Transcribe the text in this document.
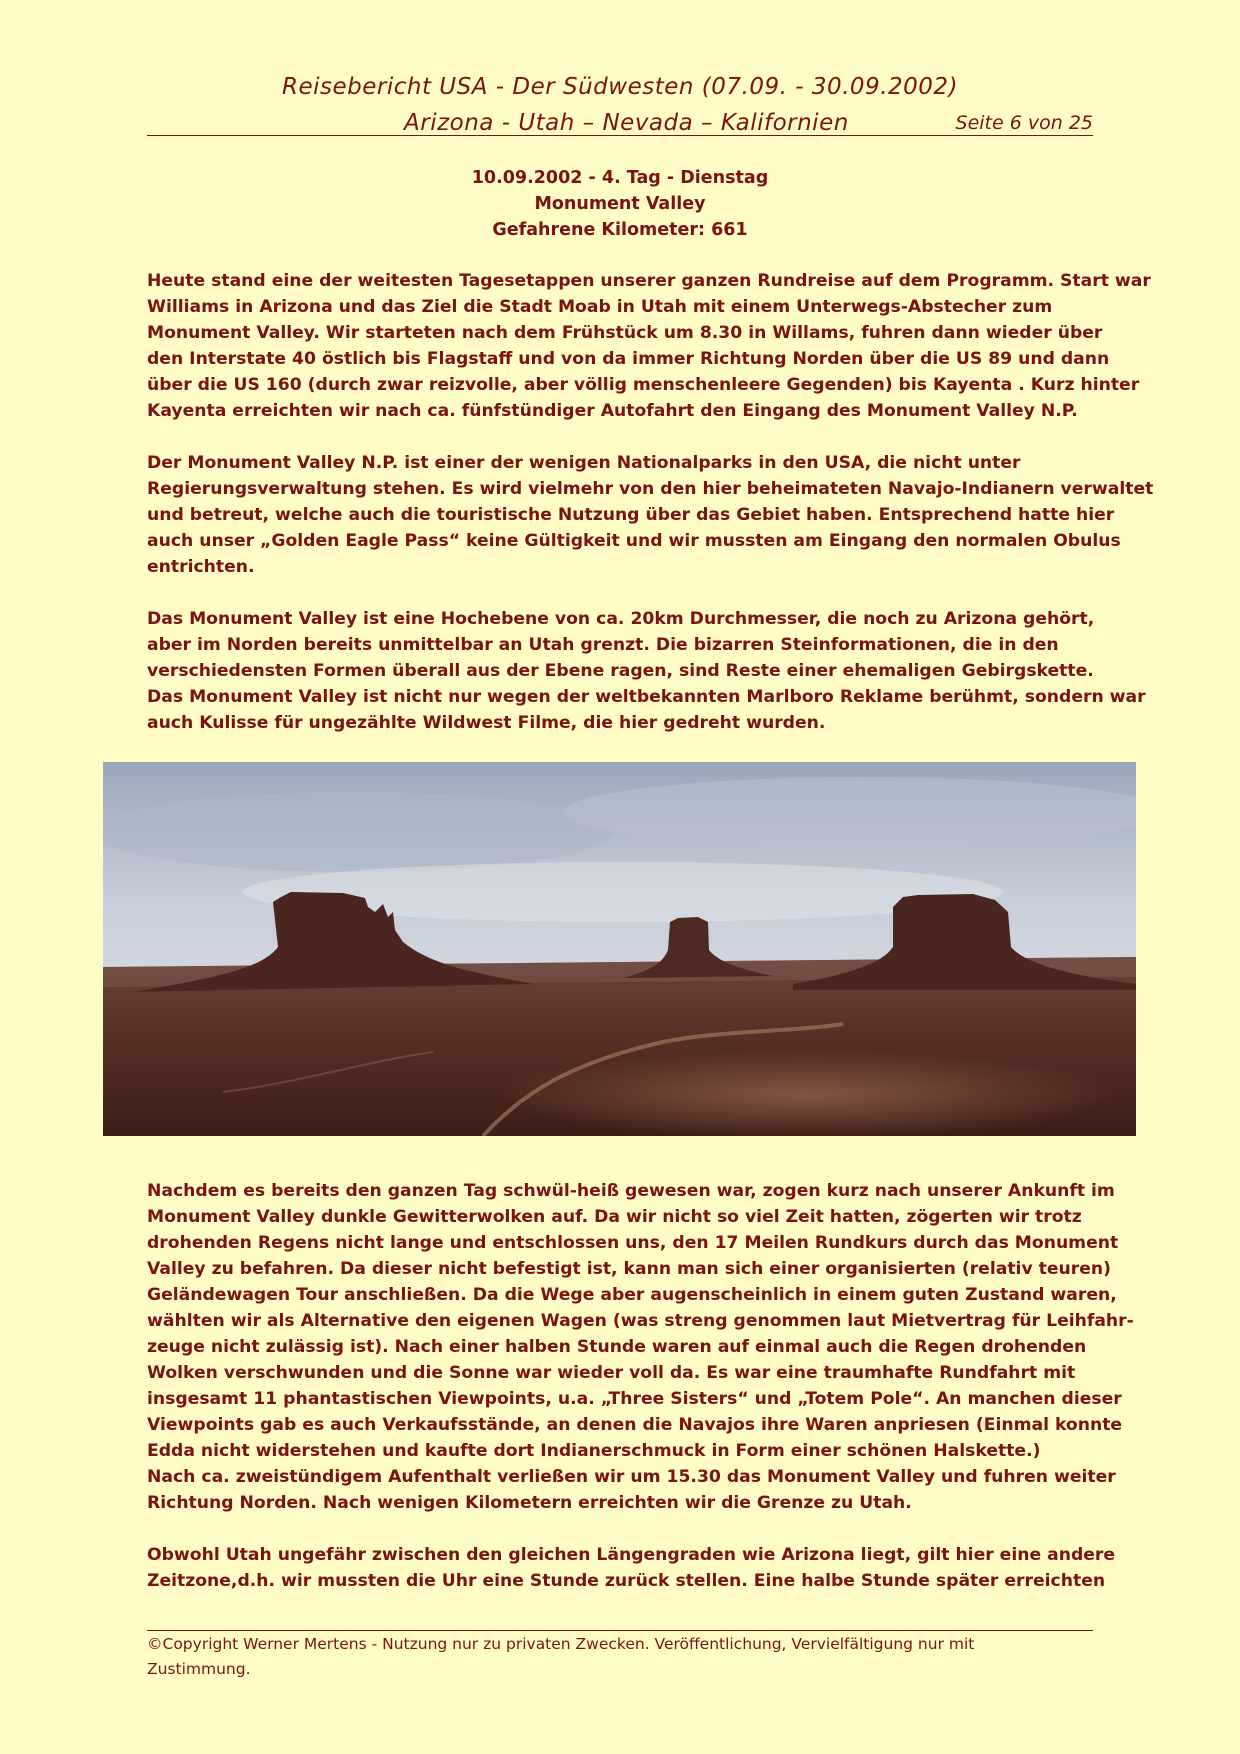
Reisebericht USA - Der Südwesten (07.09. - 30.09.2002)
Arizona - Utah – Nevada – Kalifornien	Seite 6 von 25
10.09.2002 - 4. Tag - Dienstag
Monument Valley
Gefahrene Kilometer: 661

Heute stand eine der weitesten Tagesetappen unserer ganzen Rundreise auf dem Programm. Start war
Williams in Arizona und das Ziel die Stadt Moab in Utah mit einem Unterwegs-Abstecher zum
Monument Valley. Wir starteten nach dem Frühstück um 8.30 in Willams, fuhren dann wieder über
den Interstate 40 östlich bis Flagstaff und von da immer Richtung Norden über die US 89 und dann
über die US 160 (durch zwar reizvolle, aber völlig menschenleere Gegenden) bis Kayenta . Kurz hinter
Kayenta erreichten wir nach ca. fünfstündiger Autofahrt den Eingang des Monument Valley N.P.

Der Monument Valley N.P. ist einer der wenigen Nationalparks in den USA, die nicht unter
Regierungsverwaltung stehen. Es wird vielmehr von den hier beheimateten Navajo-Indianern verwaltet
und betreut, welche auch die touristische Nutzung über das Gebiet haben. Entsprechend hatte hier
auch unser „Golden Eagle Pass“ keine Gültigkeit und wir mussten am Eingang den normalen Obulus
entrichten.

Das Monument Valley ist eine Hochebene von ca. 20km Durchmesser, die noch zu Arizona gehört,
aber im Norden bereits unmittelbar an Utah grenzt. Die bizarren Steinformationen, die in den
verschiedensten Formen überall aus der Ebene ragen, sind Reste einer ehemaligen Gebirgskette.
Das Monument Valley ist nicht nur wegen der weltbekannten Marlboro Reklame berühmt, sondern war
auch Kulisse für ungezählte Wildwest Filme, die hier gedreht wurden.

Nachdem es bereits den ganzen Tag schwül-heiß gewesen war, zogen kurz nach unserer Ankunft im
Monument Valley dunkle Gewitterwolken auf. Da wir nicht so viel Zeit hatten, zögerten wir trotz
drohenden Regens nicht lange und entschlossen uns, den 17 Meilen Rundkurs durch das Monument
Valley zu befahren. Da dieser nicht befestigt ist, kann man sich einer organisierten (relativ teuren)
Geländewagen Tour anschließen. Da die Wege aber augenscheinlich in einem guten Zustand waren,
wählten wir als Alternative den eigenen Wagen (was streng genommen laut Mietvertrag für Leihfahr-
zeuge nicht zulässig ist). Nach einer halben Stunde waren auf einmal auch die Regen drohenden
Wolken verschwunden und die Sonne war wieder voll da. Es war eine traumhafte Rundfahrt mit
insgesamt 11 phantastischen Viewpoints, u.a. „Three Sisters“ und „Totem Pole“. An manchen dieser
Viewpoints gab es auch Verkaufsstände, an denen die Navajos ihre Waren anpriesen (Einmal konnte
Edda nicht widerstehen und kaufte dort Indianerschmuck in Form einer schönen Halskette.)
Nach ca. zweistündigem Aufenthalt verließen wir um 15.30 das Monument Valley und fuhren weiter
Richtung Norden. Nach wenigen Kilometern erreichten wir die Grenze zu Utah.

Obwohl Utah ungefähr zwischen den gleichen Längengraden wie Arizona liegt, gilt hier eine andere
Zeitzone,d.h. wir mussten die Uhr eine Stunde zurück stellen. Eine halbe Stunde später erreichten

©Copyright Werner Mertens - Nutzung nur zu privaten Zwecken. Veröffentlichung, Vervielfältigung nur mit
Zustimmung.
